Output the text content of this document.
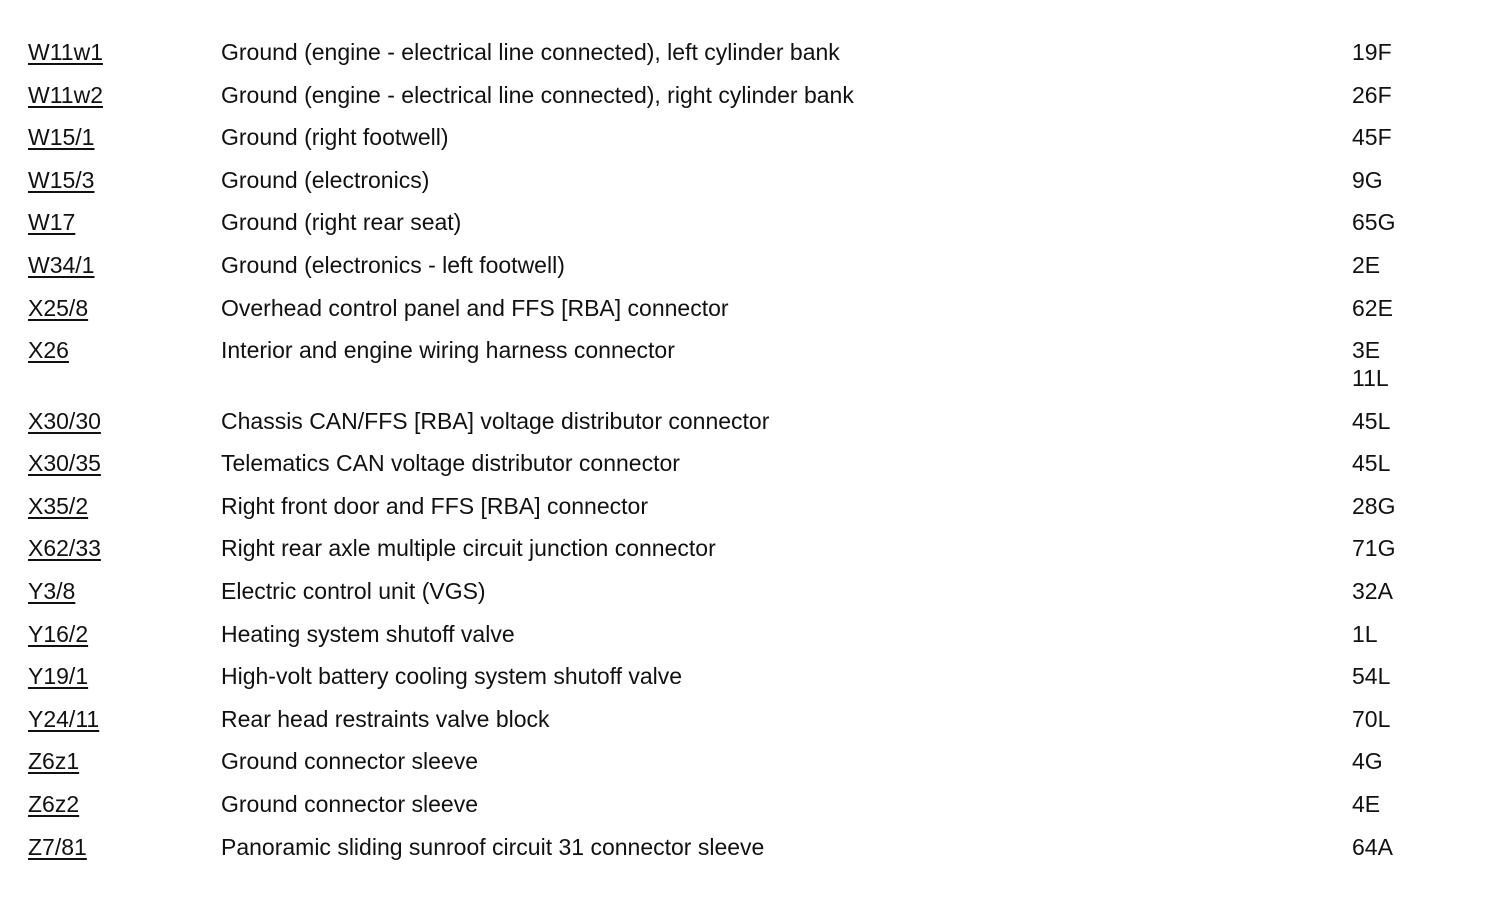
W11w1	Ground (engine - electrical line connected), left cylinder bank	19F
W11w2	Ground (engine - electrical line connected), right cylinder bank	26F
W15/1	Ground (right footwell)	45F
W15/3	Ground (electronics)	9G
W17	Ground (right rear seat)	65G
W34/1	Ground (electronics - left footwell)	2E
X25/8	Overhead control panel and FFS [RBA] connector	62E
X26	Interior and engine wiring harness connector	3E
11L
X30/30	Chassis CAN/FFS [RBA] voltage distributor connector	45L
X30/35	Telematics CAN voltage distributor connector	45L
X35/2	Right front door and FFS [RBA] connector	28G
X62/33	Right rear axle multiple circuit junction connector	71G
Y3/8	Electric control unit (VGS)	32A
Y16/2	Heating system shutoff valve	1L
Y19/1	High-volt battery cooling system shutoff valve	54L
Y24/11	Rear head restraints valve block	70L
Z6z1	Ground connector sleeve	4G
Z6z2	Ground connector sleeve	4E
Z7/81	Panoramic sliding sunroof circuit 31 connector sleeve	64A
